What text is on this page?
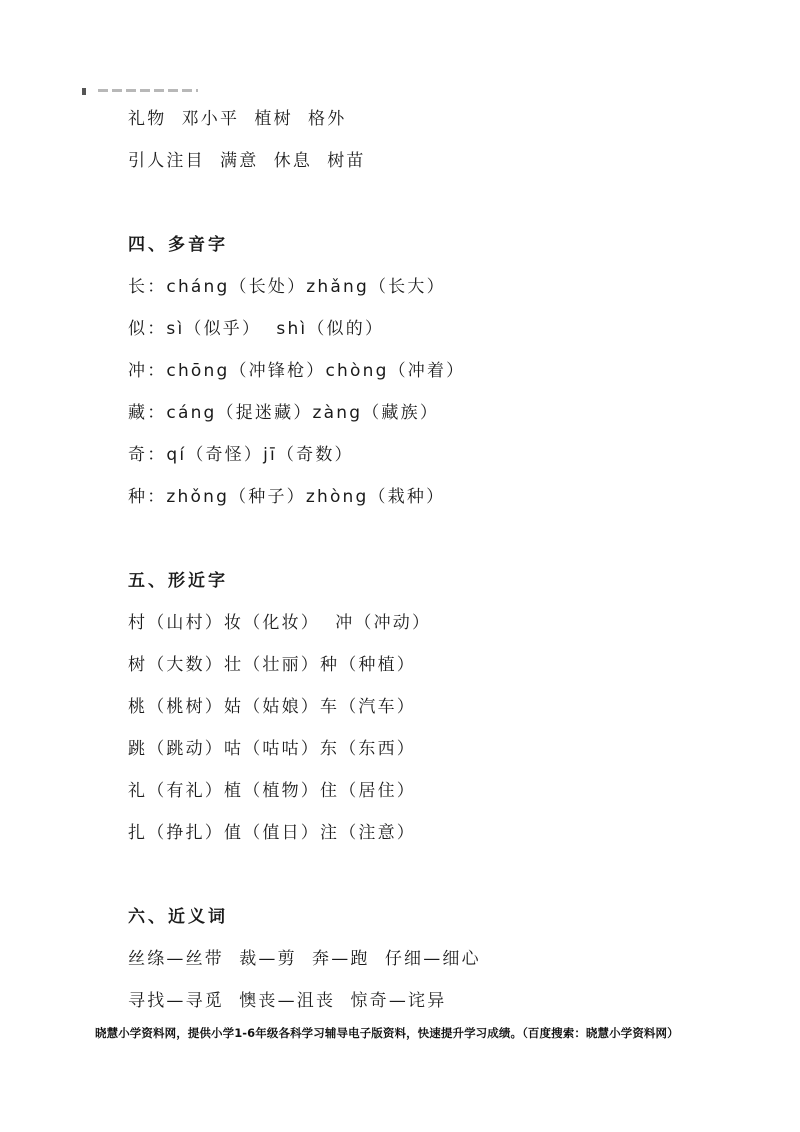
礼物  邓小平  植树  格外
引人注目  满意  休息  树苗
四、多音字
长：cháng（长处）zhǎng（长大）
似：sì（似乎）  shì（似的）
冲：chōng（冲锋枪）chòng（冲着）
藏：cáng（捉迷藏）zàng（藏族）
奇：qí（奇怪）jī（奇数）
种：zhǒng（种子）zhòng（栽种）
五、形近字
村（山村）妆（化妆）  冲（冲动）
树（大数）壮（壮丽）种（种植）
桃（桃树）姑（姑娘）车（汽车）
跳（跳动）咕（咕咕）东（东西）
礼（有礼）植（植物）住（居住）
扎（挣扎）值（值日）注（注意）
六、近义词
丝绦—丝带  裁—剪  奔—跑  仔细—细心
寻找—寻觅  懊丧—沮丧  惊奇—诧异
晓慧小学资料网，提供小学1-6年级各科学习辅导电子版资料，快速提升学习成绩。（百度搜索：晓慧小学资料网）
